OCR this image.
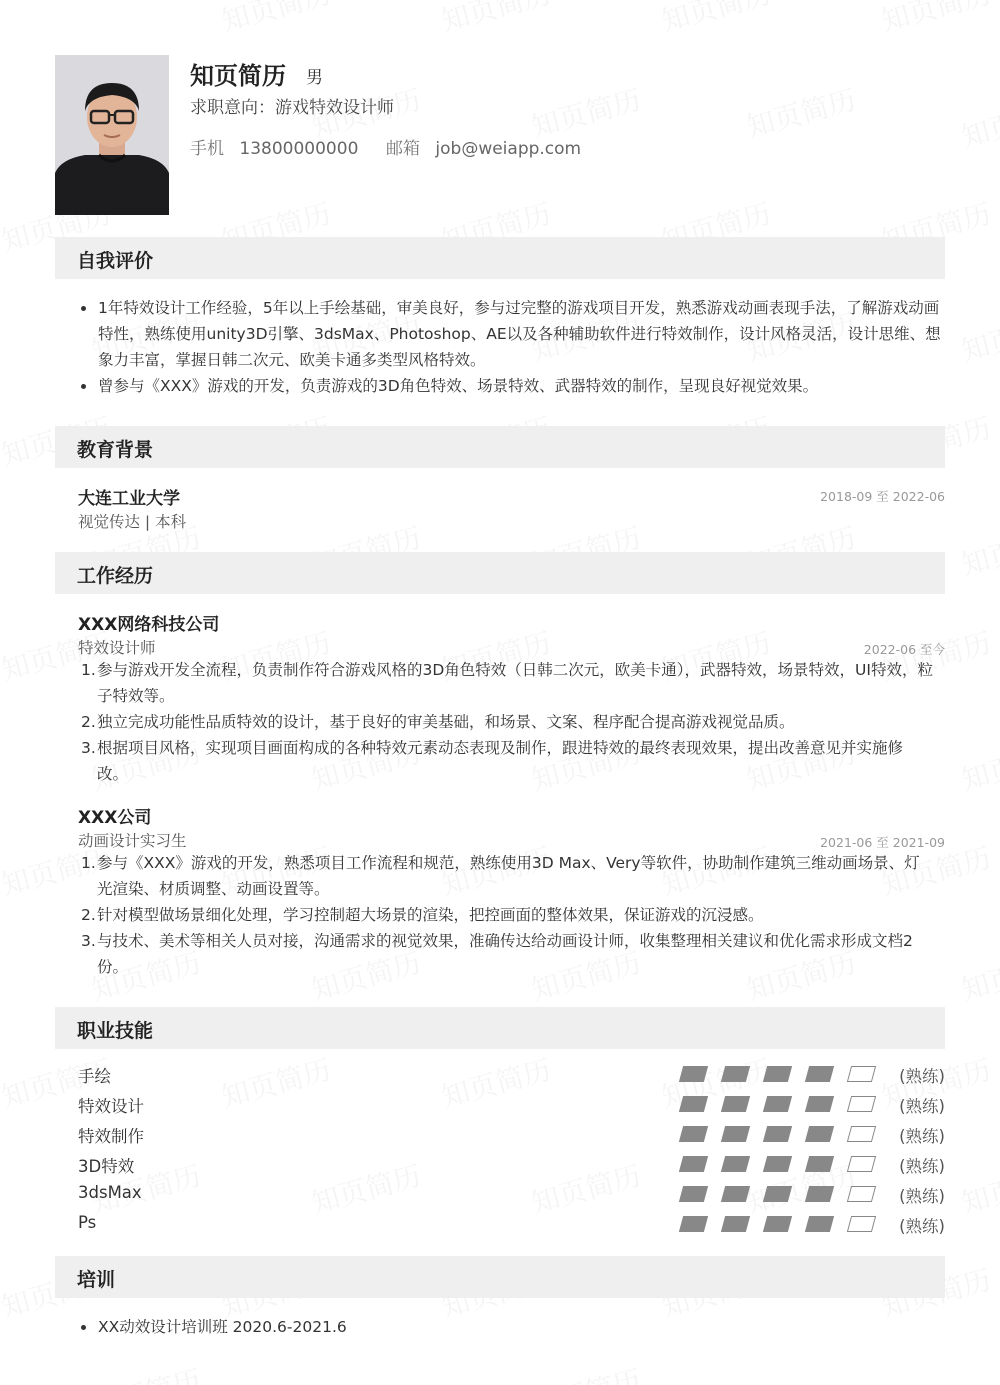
知页简历 男
求职意向：游戏特效设计师
手机 13800000000 邮箱 job@weiapp.com
自我评价
1年特效设计工作经验，5年以上手绘基础，审美良好，参与过完整的游戏项目开发，熟悉游戏动画表现手法，了解游戏动画特性，熟练使用unity3D引擎、3dsMax、Photoshop、AE以及各种辅助软件进行特效制作，设计风格灵活，设计思维、想象力丰富，掌握日韩二次元、欧美卡通多类型风格特效。
曾参与《XXX》游戏的开发，负责游戏的3D角色特效、场景特效、武器特效的制作，呈现良好视觉效果。
教育背景
大连工业大学	2018-09 至 2022-06
视觉传达 | 本科
工作经历
XXX网络科技公司
特效设计师	2022-06 至今
1. 参与游戏开发全流程，负责制作符合游戏风格的3D角色特效（日韩二次元，欧美卡通），武器特效，场景特效，UI特效，粒子特效等。
2. 独立完成功能性品质特效的设计，基于良好的审美基础，和场景、文案、程序配合提高游戏视觉品质。
3. 根据项目风格，实现项目画面构成的各种特效元素动态表现及制作，跟进特效的最终表现效果，提出改善意见并实施修改。
XXX公司
动画设计实习生	2021-06 至 2021-09
1. 参与《XXX》游戏的开发，熟悉项目工作流程和规范，熟练使用3D Max、Very等软件，协助制作建筑三维动画场景、灯光渲染、材质调整、动画设置等。
2. 针对模型做场景细化处理，学习控制超大场景的渲染，把控画面的整体效果，保证游戏的沉浸感。
3. 与技术、美术等相关人员对接，沟通需求的视觉效果，准确传达给动画设计师，收集整理相关建议和优化需求形成文档2份。
职业技能
手绘	(熟练)
特效设计	(熟练)
特效制作	(熟练)
3D特效	(熟练)
3dsMax	(熟练)
Ps	(熟练)
培训
XX动效设计培训班 2020.6-2021.6
